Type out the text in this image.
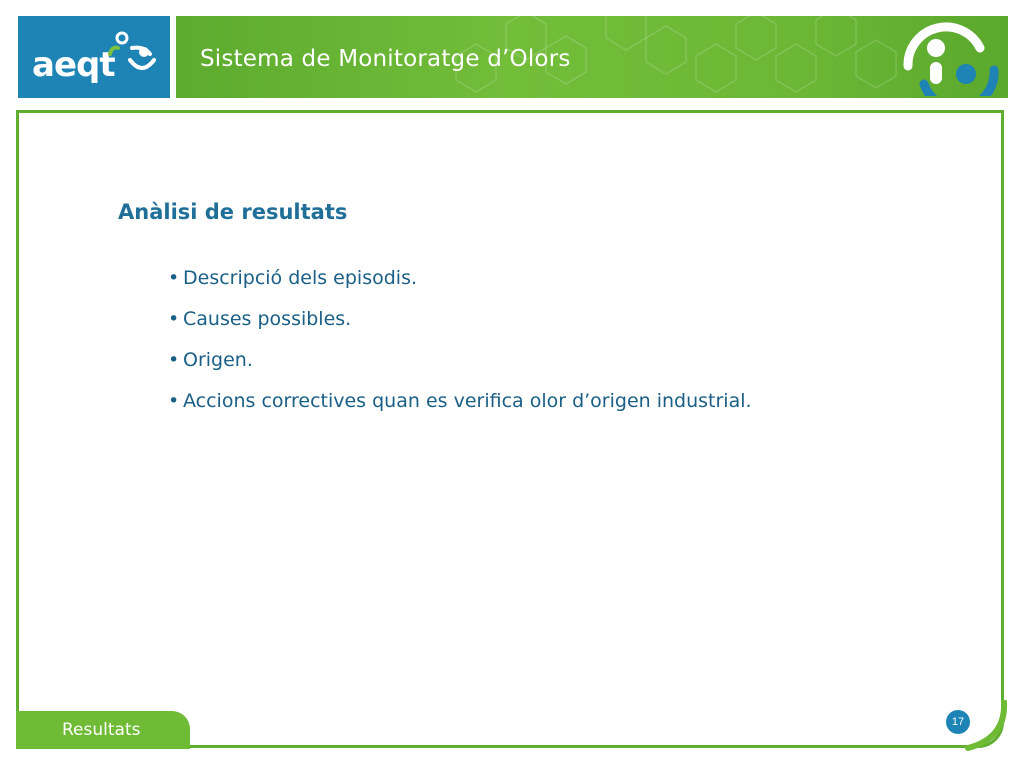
aeqt	Sistema de Monitoratge d’Olors
Anàlisi de resultats
• Descripció dels episodis.
• Causes possibles.
• Origen.
• Accions correctives quan es verifica olor d’origen industrial.
Resultats	17
